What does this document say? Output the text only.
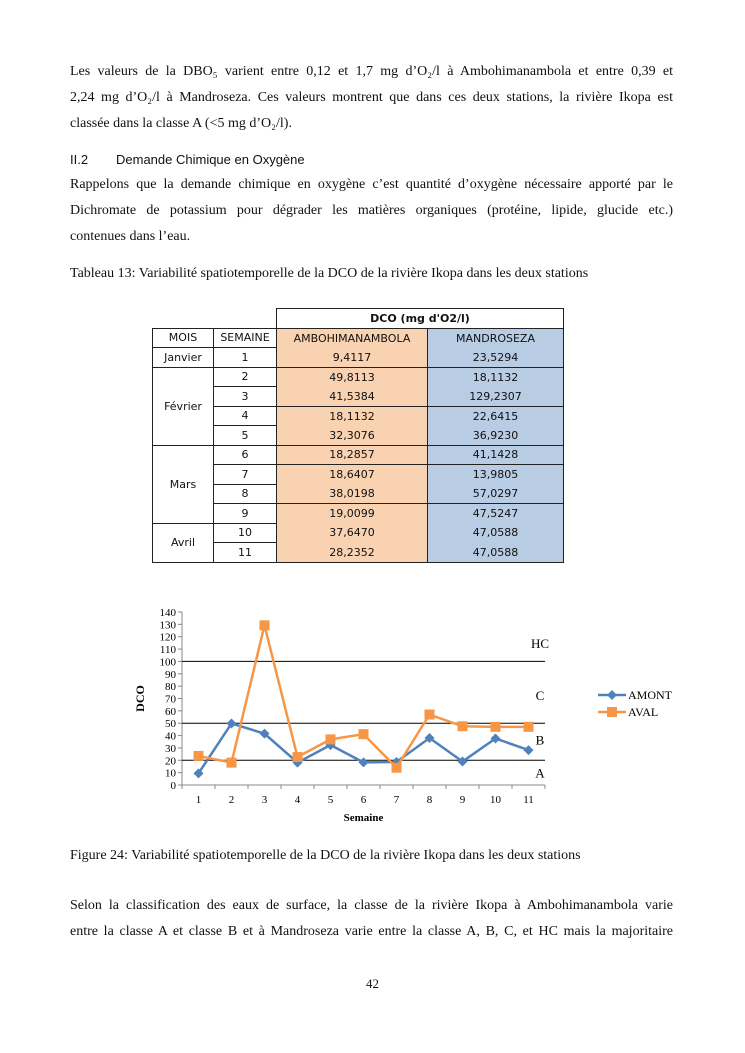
Les valeurs de la DBO₅ varient entre 0,12 et 1,7 mg d’O₂/l à Ambohimanambola et entre 0,39 et

2,24 mg d’O₂/l à Mandroseza. Ces valeurs montrent que dans ces deux stations, la rivière Ikopa est

classée dans la classe A (<5 mg d’O₂/l).

II.2 Demande Chimique en Oxygène

Rappelons que la demande chimique en oxygène c’est quantité d’oxygène nécessaire apporté par le

Dichromate de potassium pour dégrader les matières organiques (protéine, lipide, glucide etc.)

contenues dans l’eau.

Tableau 13: Variabilité spatiotemporelle de la DCO de la rivière Ikopa dans les deux stations
		DCO (mg d'O2/l)	
MOIS	SEMAINE	AMBOHIMANAMBOLA	MANDROSEZA
Janvier	1	9,4117	23,5294
Février	2	49,8113	18,1132
	3	41,5384	129,2307
	4	18,1132	22,6415
	5	32,3076	36,9230
Mars	6	18,2857	41,1428
	7	18,6407	13,9805
	8	38,0198	57,0297
	9	19,0099	47,5247
Avril	10	37,6470	47,0588
	11	28,2352	47,0588
0
10
20
30
40
50
60
70
80
90
100
110
120
130
140
1	2	3	4	5	6	7	8	9 10 11
HC
C
B
A
AMONT
AVAL
Semaine
DCO
Figure 24: Variabilité spatiotemporelle de la DCO de la rivière Ikopa dans les deux stations

Selon la classification des eaux de surface, la classe de la rivière Ikopa à Ambohimanambola varie

entre la classe A et classe B et à Mandroseza varie entre la classe A, B, C, et HC mais la majoritaire

42
